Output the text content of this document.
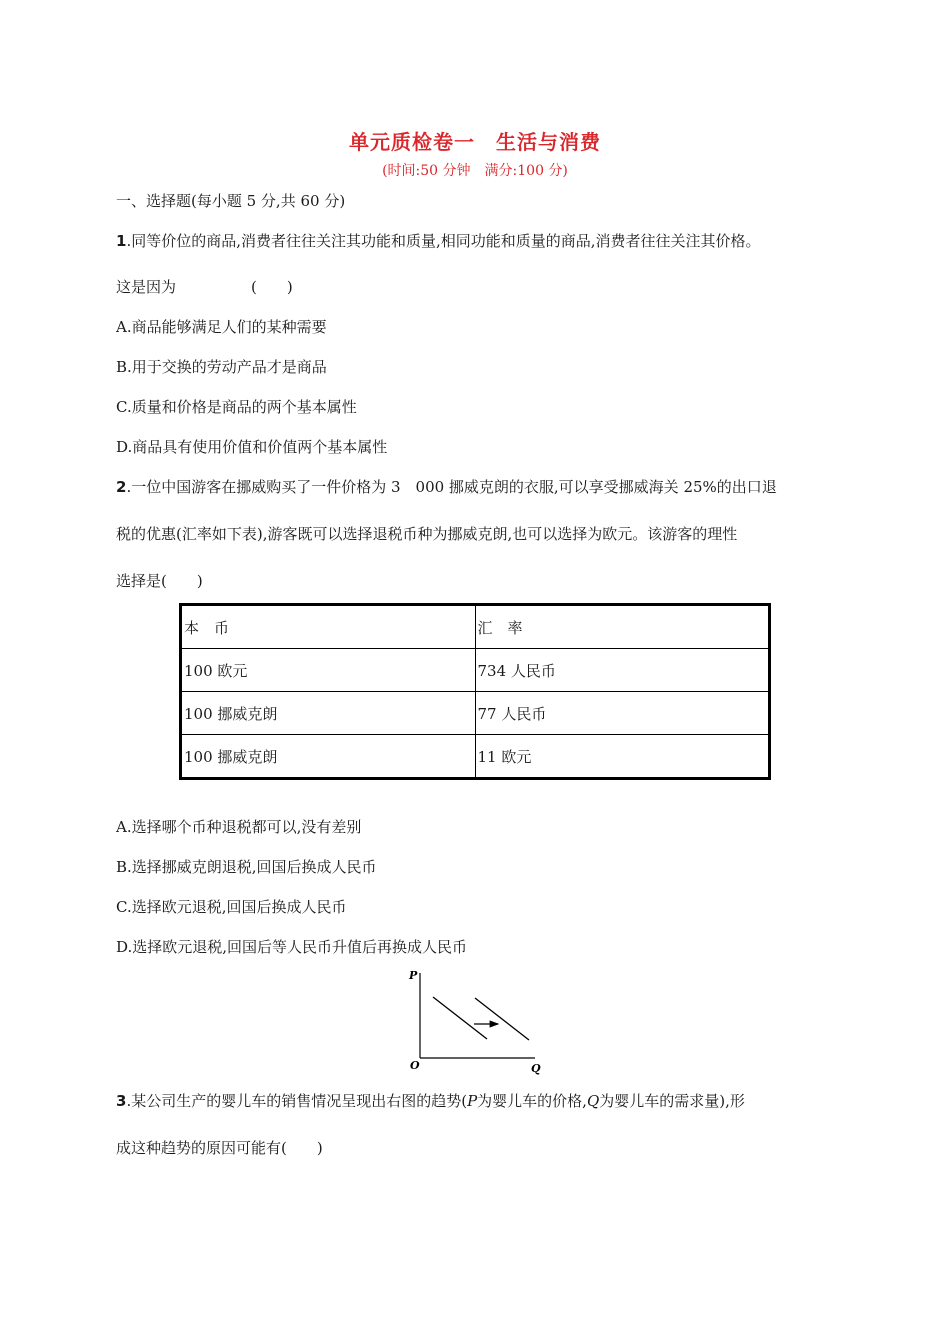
单元质检卷一　生活与消费
(时间:50 分钟　满分:100 分)
一、选择题(每小题 5 分,共 60 分)
1.同等价位的商品,消费者往往关注其功能和质量,相同功能和质量的商品,消费者往往关注其价格。
这是因为　　　　　(　　)
A.商品能够满足人们的某种需要
B.用于交换的劳动产品才是商品
C.质量和价格是商品的两个基本属性
D.商品具有使用价值和价值两个基本属性
2.一位中国游客在挪威购买了一件价格为 3　000 挪威克朗的衣服,可以享受挪威海关 25%的出口退
税的优惠(汇率如下表),游客既可以选择退税币种为挪威克朗,也可以选择为欧元。该游客的理性
选择是(　　)
本　币	汇　率
100 欧元	734 人民币
100 挪威克朗	77 人民币
100 挪威克朗	11 欧元
A.选择哪个币种退税都可以,没有差别
B.选择挪威克朗退税,回国后换成人民币
C.选择欧元退税,回国后换成人民币
D.选择欧元退税,回国后等人民币升值后再换成人民币
P
O	Q
3.某公司生产的婴儿车的销售情况呈现出右图的趋势(P为婴儿车的价格,Q为婴儿车的需求量),形
成这种趋势的原因可能有(　　)
